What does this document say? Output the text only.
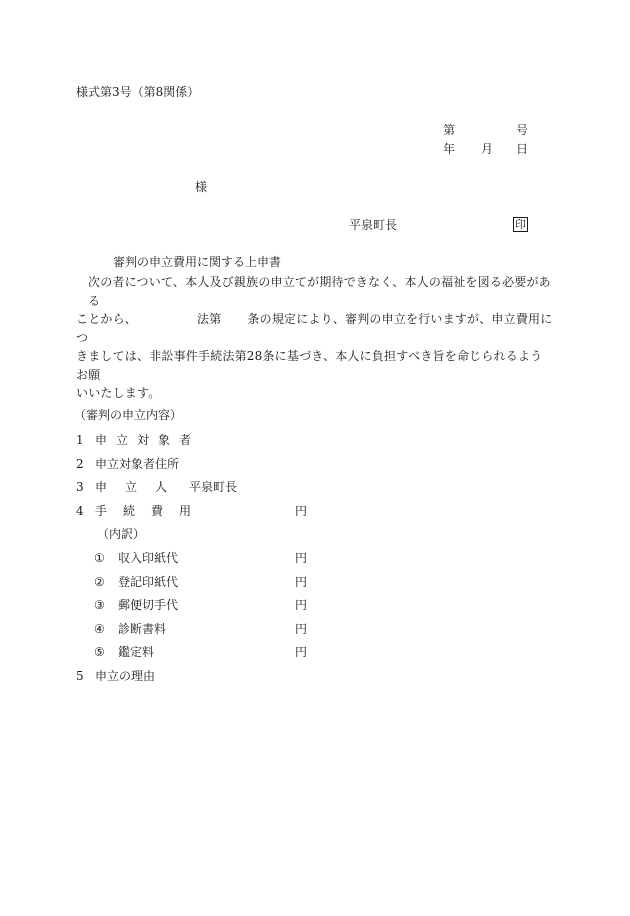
様式第3号（第8関係）
第	号
年 月 日
様
平泉町長	印
審判の申立費用に関する上申書
次の者について、本人及び親族の申立てが期待できなく、本人の福祉を図る必要がある
ことから、	法第 条の規定により、審判の申立を行いますが、申立費用につ
きましては、非訟事件手続法第28条に基づき、本人に負担すべき旨を命じられるようお願
いいたします。
（審判の申立内容）
1 申立対象者
2 申立対象者住所
3 申　立　人 平泉町長
4 手続費用	円
（内訳）
① 収入印紙代	円
② 登記印紙代	円
③ 郵便切手代	円
④ 診断書料	円
⑤ 鑑定料	円
5 申立の理由
